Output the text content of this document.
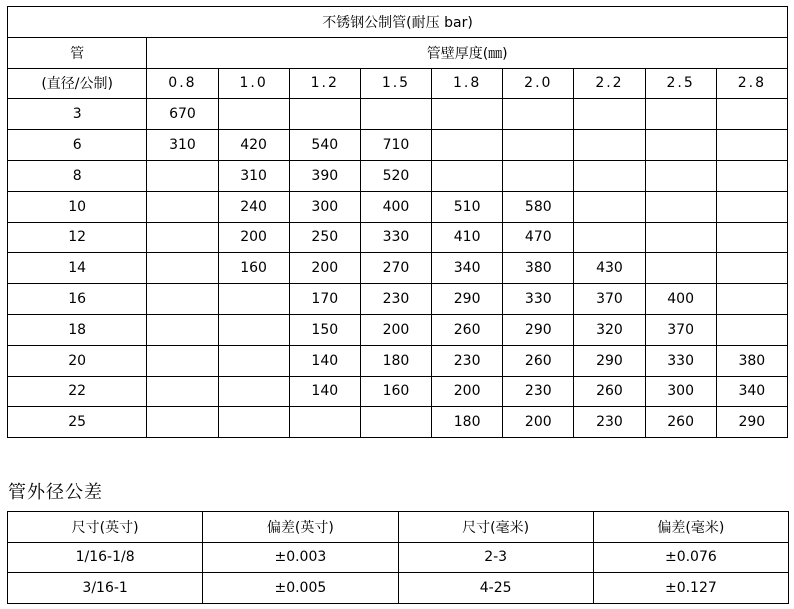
不锈钢公制管(耐压 bar)									
管	管壁厚度(㎜)								
(直径/公制)	0.8	1.0	1.2	1.5	1.8	2.0	2.2	2.5	2.8
3	670								
6	310	420	540	710					
8		310	390	520					
10		240	300	400	510	580			
12		200	250	330	410	470			
14		160	200	270	340	380	430		
16			170	230	290	330	370	400	
18			150	200	260	290	320	370	
20			140	180	230	260	290	330	380
22			140	160	200	230	260	300	340
25					180	200	230	260	290
管外径公差
尺寸(英寸)	偏差(英寸)	尺寸(毫米)	偏差(毫米)
1/16-1/8	±0.003	2-3	±0.076
3/16-1	±0.005	4-25	±0.127
